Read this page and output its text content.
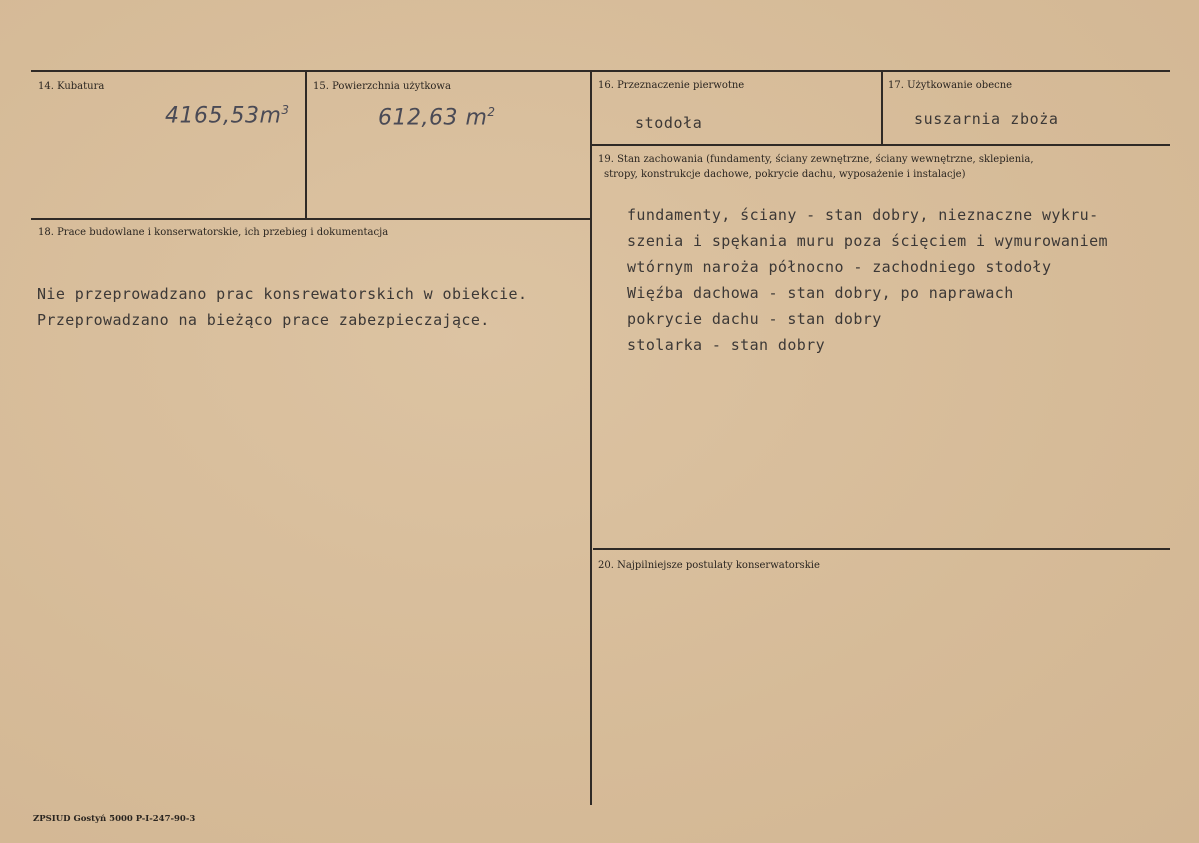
14. Kubatura
$4165,53m^3$
15. Powierzchnia użytkowa
612,63 $m^2$
16. Przeznaczenie pierwotne
stodoła
17. Użytkowanie obecne
suszarnia zboża
18. Prace budowlane i konserwatorskie, ich przebieg i dokumentacja
Nie przeprowadzano prac konsrewatorskich w obiekcie.
Przeprowadzano na bieżąco prace zabezpieczające.
19. Stan zachowania (fundamenty, ściany zewnętrzne, ściany wewnętrzne, sklepienia,
stropy, konstrukcje dachowe, pokrycie dachu, wyposażenie i instalacje)
fundamenty, ściany - stan dobry, nieznaczne wykru-
szenia i spękania muru poza ścięciem i wymurowaniem
wtórnym naroża północno - zachodniego stodoły
Więźba dachowa - stan dobry, po naprawach
pokrycie dachu - stan dobry
stolarka - stan dobry
20. Najpilniejsze postulaty konserwatorskie
ZPSIUD Gostyń 5000 P-I-247-90-3
